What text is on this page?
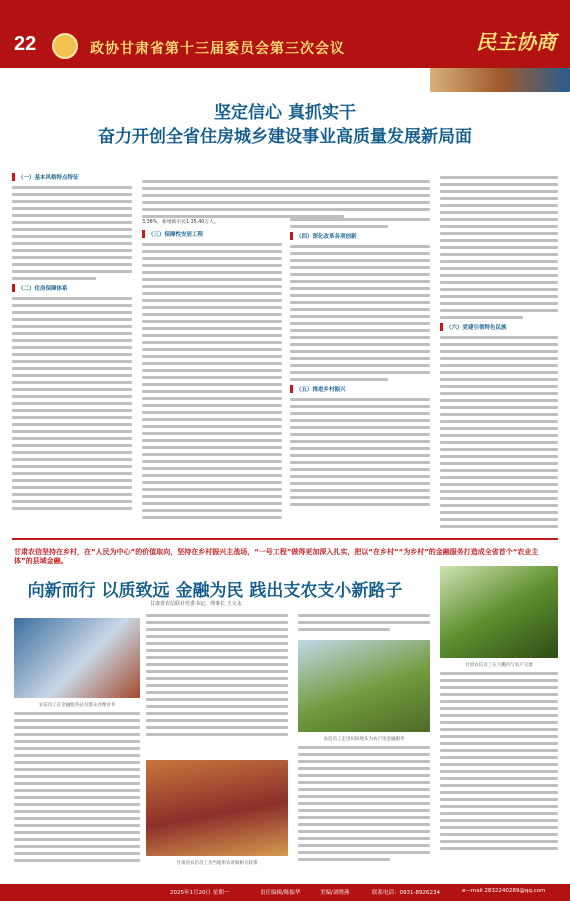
22	政协甘肃省第十三届委员会第三次会议	民主协商
坚定信心 真抓实干
奋力开创全省住房城乡建设事业高质量发展新局面
（一）基本风格特点特征
（二）住房保障体系
3.36%，新增新市民1.35.40万人。
（三）保障性安居工程	（四）深化改革各项创新
（五）推进乡村振兴
（六）党建引领特色民族
甘肃农信坚持在乡村，在“人民为中心”的价值取向，坚持在乡村振兴主战场，“一号工程”做得更加深入扎实，把以“在乡村”“为乡村”的金融服务打造成全省首个“农业主体”的县域金融。
向新而行 以质致远 金融为民 践出支农支小新路子
甘肃省农信联社党委书记、理事长 王文永
农信员工在金融服务站为群众办理业务
农信员工走进田间地头为农户送金融服务
甘肃农信员工在大棚内与农户交流
甘肃省农信员工为当地果农讲解相关政策
2025年1月20日 星期一	责任编辑/陈振华	美编/刘晓燕	联系电话：0931-8926234	e—mail 2832240289@qq.com
